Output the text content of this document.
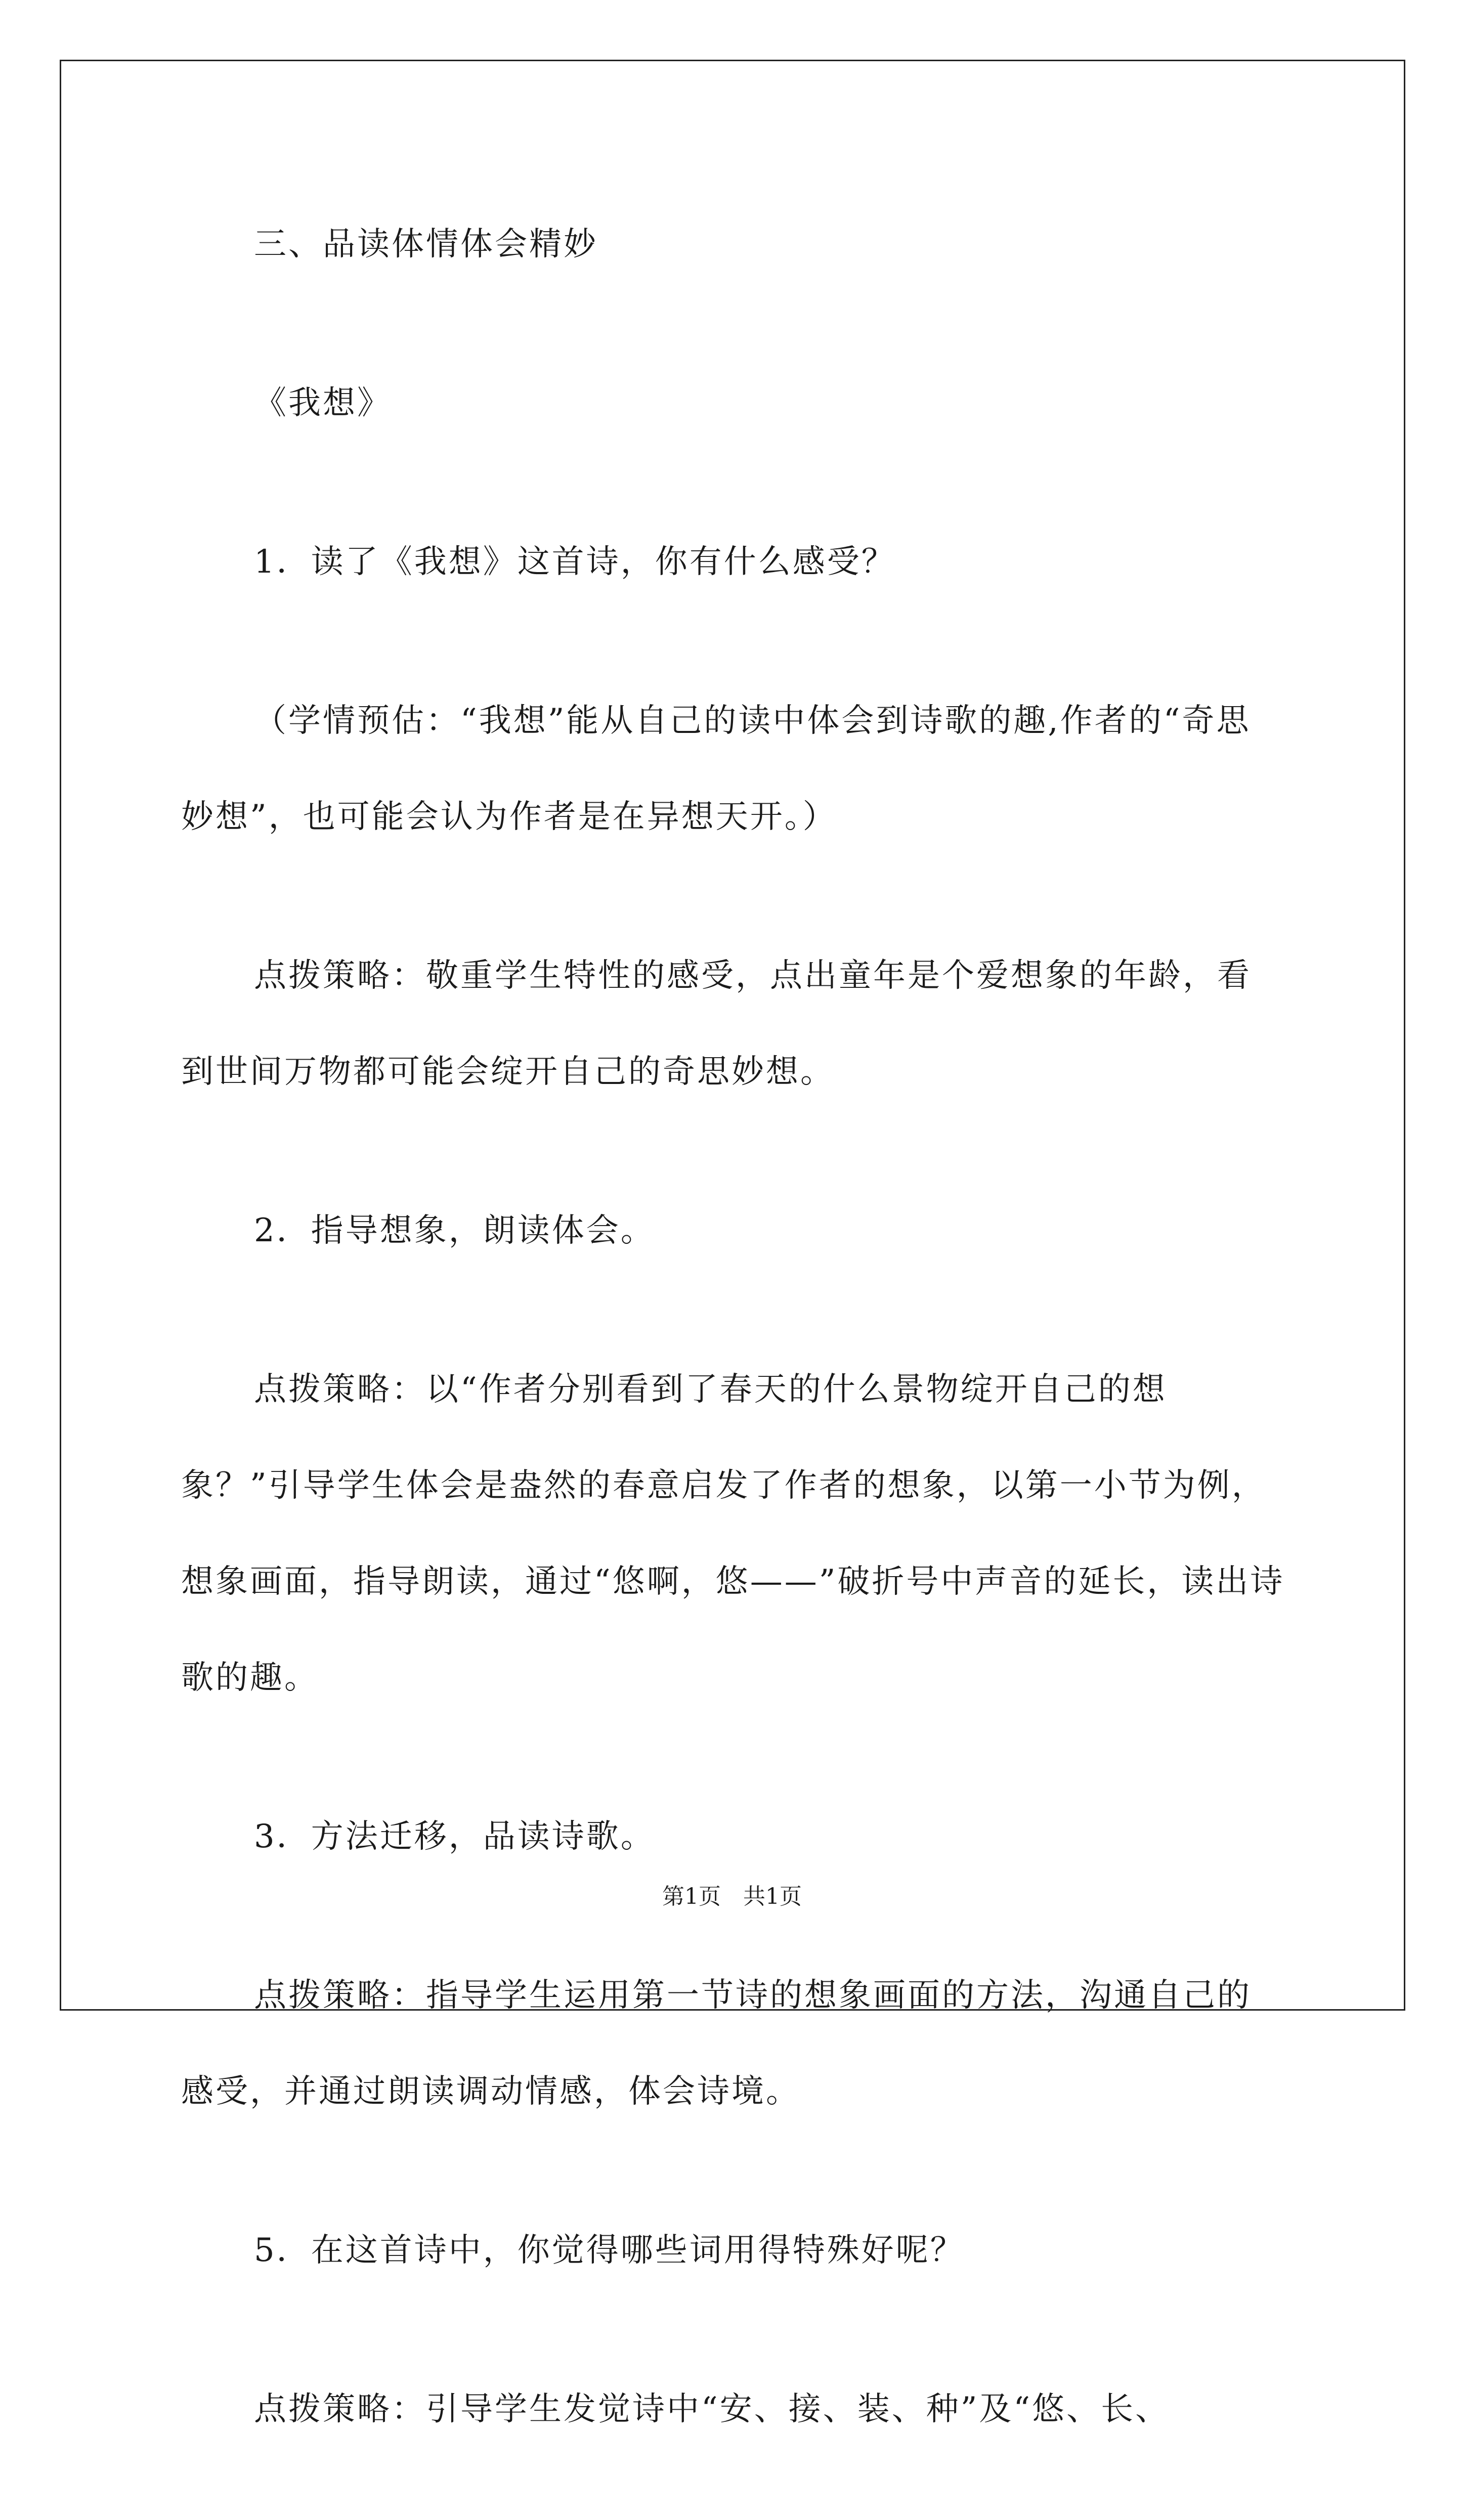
三、品读体情体会精妙

《我想》

1．读了《我想》这首诗，你有什么感受？

（学情预估：“我想”能从自己的读中体会到诗歌的趣,作者的“奇思妙想”，也可能会认为作者是在异想天开。）

点拨策略：敬重学生特性的感受，点出童年是个爱想象的年龄，看到世间万物都可能会绽开自己的奇思妙想。

2．指导想象，朗读体会。

点拨策略：以“作者分别看到了春天的什么景物绽开自己的想象？”引导学生体会是盎然的春意启发了作者的想象，以第一小节为例，想象画面，指导朗读，通过“悠啊，悠——”破折号中声音的延长，读出诗歌的趣。

3．方法迁移，品读诗歌。

点拨策略：指导学生运用第一节诗的想象画面的方法，沟通自己的感受，并通过朗读调动情感，体会诗境。

5．在这首诗中，你觉得哪些词用得特殊好呢？

点拨策略：引导学生发觉诗中“安、接、装、种”及“悠、长、

第1页　共1页
